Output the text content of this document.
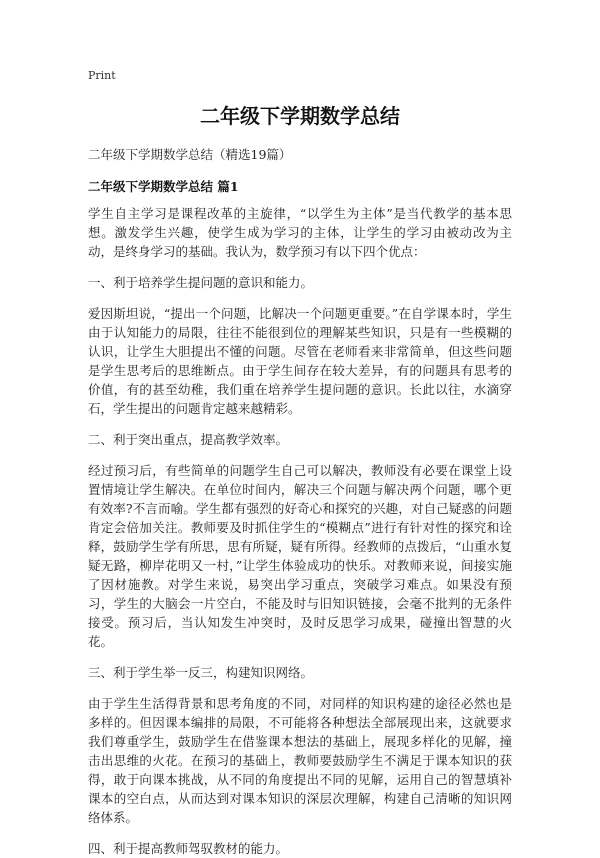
Print
二年级下学期数学总结
二年级下学期数学总结（精选19篇）
二年级下学期数学总结 篇1
学生自主学习是课程改革的主旋律，“以学生为主体”是当代教学的基本思想。激发学生兴趣，使学生成为学习的主体，让学生的学习由被动改为主动，是终身学习的基础。我认为，数学预习有以下四个优点：
一、利于培养学生提问题的意识和能力。
爱因斯坦说，“提出一个问题，比解决一个问题更重要。”在自学课本时，学生由于认知能力的局限，往往不能很到位的理解某些知识，只是有一些模糊的认识，让学生大胆提出不懂的问题。尽管在老师看来非常简单，但这些问题是学生思考后的思维断点。由于学生间存在较大差异，有的问题具有思考的价值，有的甚至幼稚，我们重在培养学生提问题的意识。长此以往，水滴穿石，学生提出的问题肯定越来越精彩。
二、利于突出重点，提高教学效率。
经过预习后，有些简单的问题学生自己可以解决，教师没有必要在课堂上设置情境让学生解决。在单位时间内，解决三个问题与解决两个问题，哪个更有效率?不言而喻。学生都有强烈的好奇心和探究的兴趣，对自己疑惑的问题肯定会倍加关注。教师要及时抓住学生的“模糊点”进行有针对性的探究和诠释，鼓励学生学有所思，思有所疑，疑有所得。经教师的点拨后，“山重水复疑无路，柳岸花明又一村，”让学生体验成功的快乐。对教师来说，间接实施了因材施教。对学生来说，易突出学习重点，突破学习难点。如果没有预习，学生的大脑会一片空白，不能及时与旧知识链接，会毫不批判的无条件接受。预习后，当认知发生冲突时，及时反思学习成果，碰撞出智慧的火花。
三、利于学生举一反三，构建知识网络。
由于学生生活得背景和思考角度的不同，对同样的知识构建的途径必然也是多样的。但因课本编排的局限，不可能将各种想法全部展现出来，这就要求我们尊重学生，鼓励学生在借鉴课本想法的基础上，展现多样化的见解，撞击出思维的火花。在预习的基础上，教师要鼓励学生不满足于课本知识的获得，敢于向课本挑战，从不同的角度提出不同的见解，运用自己的智慧填补课本的空白点，从而达到对课本知识的深层次理解，构建自己清晰的知识网络体系。
四、利于提高教师驾驭教材的能力。
